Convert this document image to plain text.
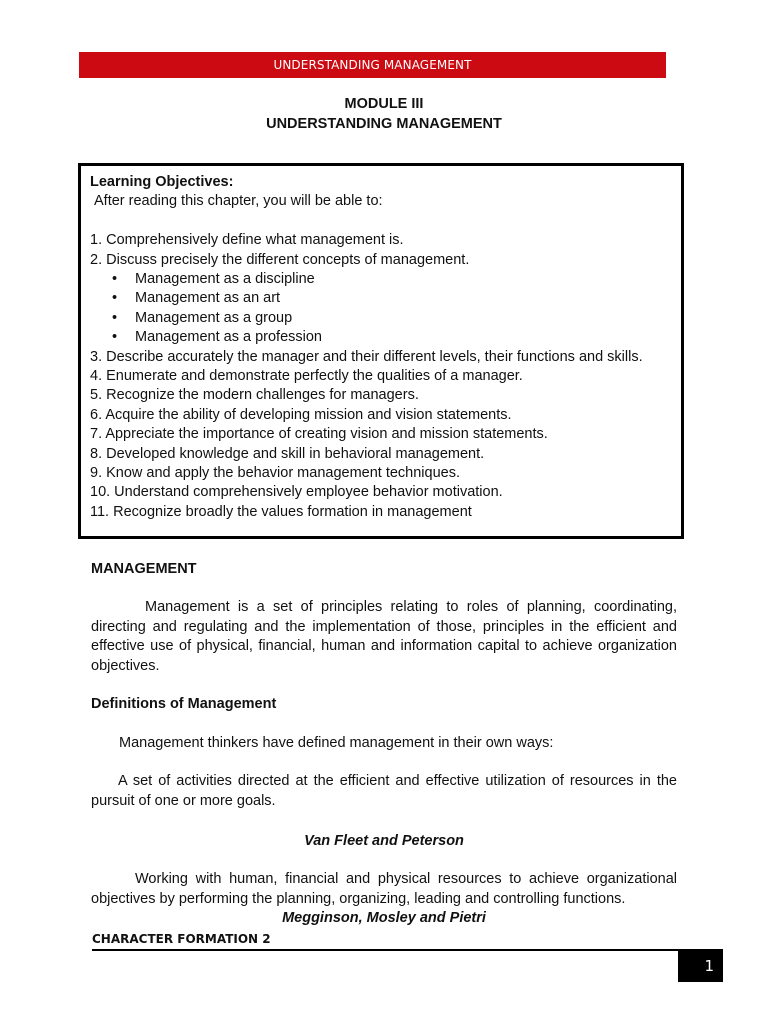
UNDERSTANDING MANAGEMENT
MODULE III
UNDERSTANDING MANAGEMENT
Learning Objectives:
After reading this chapter, you will be able to:
1. Comprehensively define what management is.
2. Discuss precisely the different concepts of management.
• Management as a discipline
• Management as an art
• Management as a group
• Management as a profession
3. Describe accurately the manager and their different levels, their functions and skills.
4. Enumerate and demonstrate perfectly the qualities of a manager.
5. Recognize the modern challenges for managers.
6. Acquire the ability of developing mission and vision statements.
7. Appreciate the importance of creating vision and mission statements.
8. Developed knowledge and skill in behavioral management.
9. Know and apply the behavior management techniques.
10. Understand comprehensively employee behavior motivation.
11. Recognize broadly the values formation in management
MANAGEMENT
Management is a set of principles relating to roles of planning, coordinating, directing and regulating and the implementation of those, principles in the efficient and effective use of physical, financial, human and information capital to achieve organization objectives.
Definitions of Management
Management thinkers have defined management in their own ways:
A set of activities directed at the efficient and effective utilization of resources in the pursuit of one or more goals.
Van Fleet and Peterson
Working with human, financial and physical resources to achieve organizational objectives by performing the planning, organizing, leading and controlling functions.
Megginson, Mosley and Pietri
CHARACTER FORMATION 2
1
